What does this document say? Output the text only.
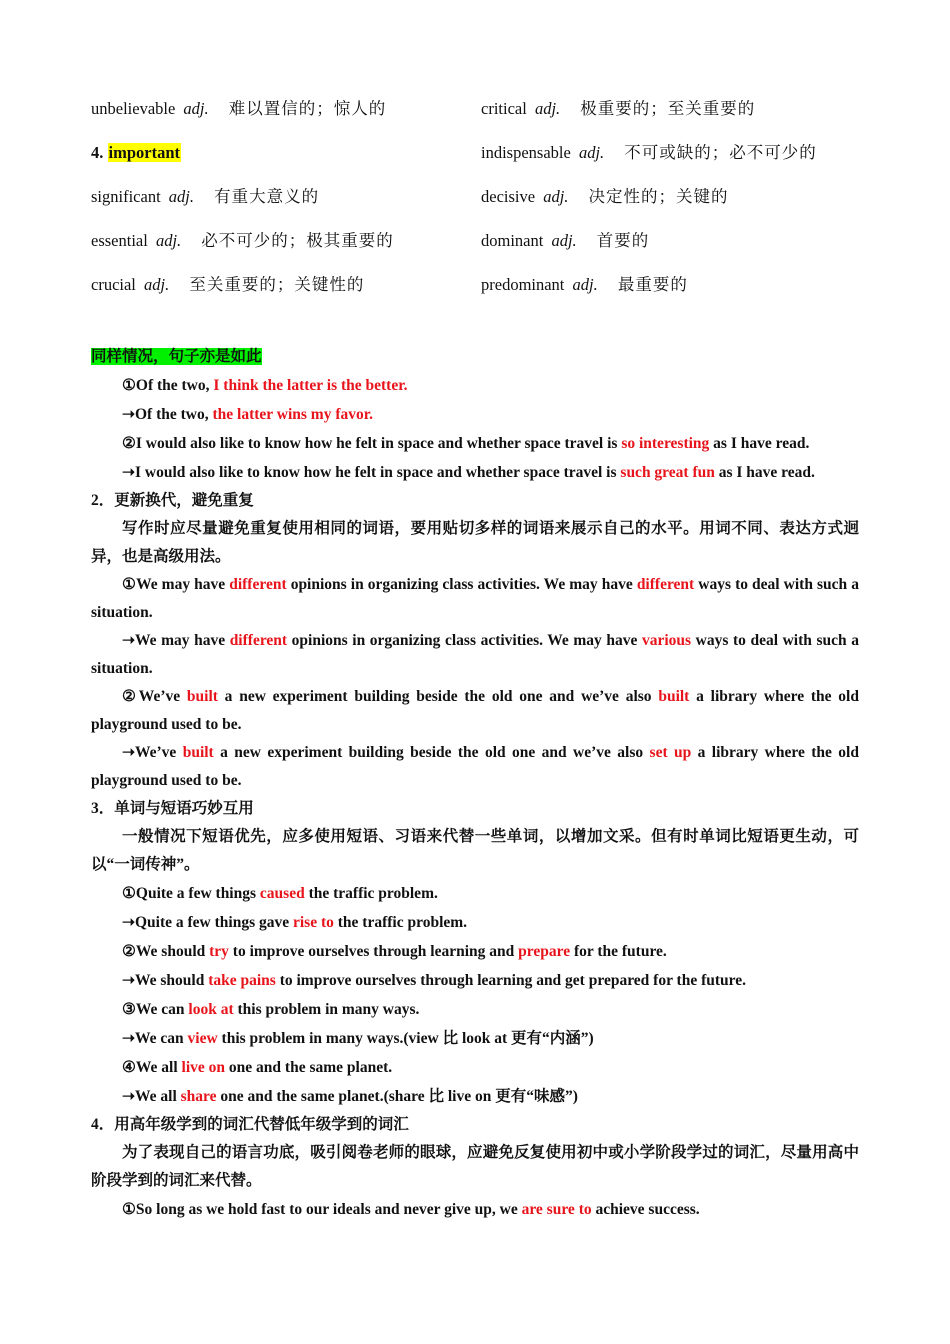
unbelievable adj. 难以置信的；惊人的	critical adj. 极重要的；至关重要的
4. important	indispensable adj. 不可或缺的；必不可少的
significant adj. 有重大意义的	decisive adj. 决定性的；关键的
essential adj. 必不可少的；极其重要的	dominant adj. 首要的
crucial adj. 至关重要的；关键性的	predominant adj. 最重要的
同样情况，句子亦是如此
①Of the two, I think the latter is the better.
➝Of the two, the latter wins my favor.
②I would also like to know how he felt in space and whether space travel is so interesting as I have read.
➝I would also like to know how he felt in space and whether space travel is such great fun as I have read.
2．更新换代，避免重复
写作时应尽量避免重复使用相同的词语，要用贴切多样的词语来展示自己的水平。用词不同、表达方式迥异，也是高级用法。
①We may have different opinions in organizing class activities. We may have different ways to deal with such a situation.
➝We may have different opinions in organizing class activities. We may have various ways to deal with such a situation.
②We’ve built a new experiment building beside the old one and we’ve also built a library where the old playground used to be.
➝We’ve built a new experiment building beside the old one and we’ve also set up a library where the old playground used to be.
3．单词与短语巧妙互用
一般情况下短语优先，应多使用短语、习语来代替一些单词，以增加文采。但有时单词比短语更生动，可以“一词传神”。
①Quite a few things caused the traffic problem.
➝Quite a few things gave rise to the traffic problem.
②We should try to improve ourselves through learning and prepare for the future.
➝We should take pains to improve ourselves through learning and get prepared for the future.
③We can look at this problem in many ways.
➝We can view this problem in many ways.(view 比 look at 更有“内涵”)
④We all live on one and the same planet.
➝We all share one and the same planet.(share 比 live on 更有“味感”)
4．用高年级学到的词汇代替低年级学到的词汇
为了表现自己的语言功底，吸引阅卷老师的眼球，应避免反复使用初中或小学阶段学过的词汇，尽量用高中阶段学到的词汇来代替。
①So long as we hold fast to our ideals and never give up, we are sure to achieve success.
